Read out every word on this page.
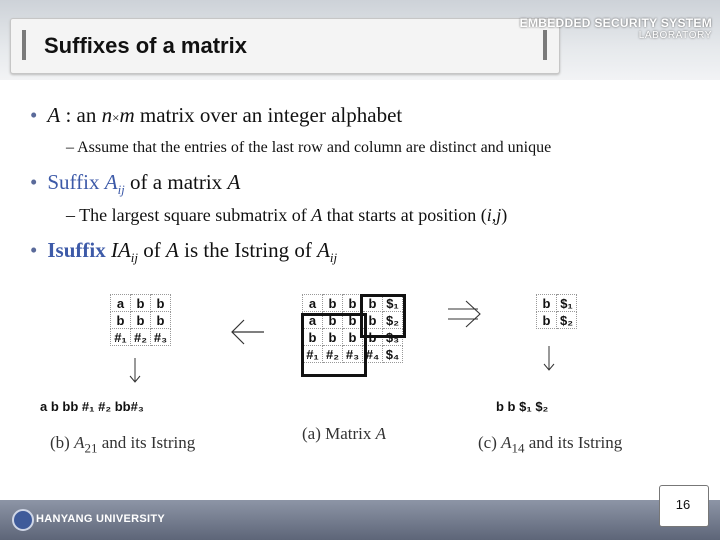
Suffixes of a matrix
EMBEDDED SECURITY SYSTEM
LABORATORY
• A : an n×m matrix over an integer alphabet
– Assume that the entries of the last row and column are distinct and unique
• Suffix $A_{ij}$ of a matrix A
– The largest square submatrix of A that starts at position (i,j)
• Isuffix $IA_{ij}$ of A is the Istring of $A_{ij}$
a	b	b
b	b	b
#₁	#₂	#₃
a b bb #₁ #₂ bb#₃
(b) $A_{21}$ and its Istring
a	b	b	b	$₁
a	b	b	b	$₂
b	b	b	b	$₃
#₁	#₂	#₃	#₄	$₄
(a) Matrix A
b	$₁
b	$₂
b b $₁ $₂
(c) $A_{14}$ and its Istring
HANYANG UNIVERSITY
16
